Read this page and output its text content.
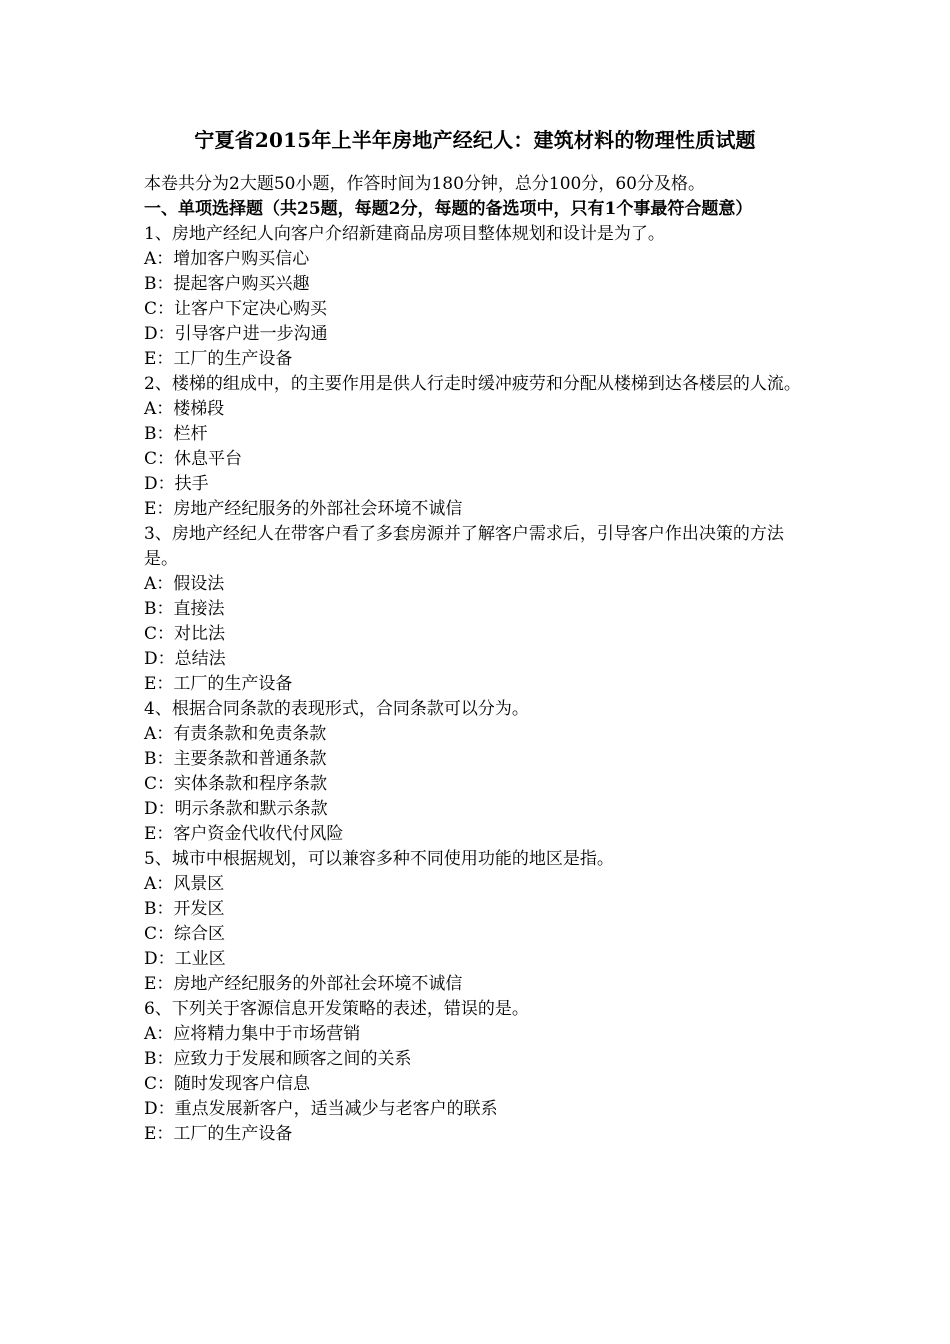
宁夏省2015年上半年房地产经纪人：建筑材料的物理性质试题

本卷共分为2大题50小题，作答时间为180分钟，总分100分，60分及格。

一、单项选择题（共25题，每题2分，每题的备选项中，只有1个事最符合题意）

1、房地产经纪人向客户介绍新建商品房项目整体规划和设计是为了。

A：增加客户购买信心

B：提起客户购买兴趣

C：让客户下定决心购买

D：引导客户进一步沟通

E：工厂的生产设备

2、楼梯的组成中，的主要作用是供人行走时缓冲疲劳和分配从楼梯到达各楼层的人流。

A：楼梯段

B：栏杆

C：休息平台

D：扶手

E：房地产经纪服务的外部社会环境不诚信

3、房地产经纪人在带客户看了多套房源并了解客户需求后，引导客户作出决策的方法是。

A：假设法

B：直接法

C：对比法

D：总结法

E：工厂的生产设备

4、根据合同条款的表现形式，合同条款可以分为。

A：有责条款和免责条款

B：主要条款和普通条款

C：实体条款和程序条款

D：明示条款和默示条款

E：客户资金代收代付风险

5、城市中根据规划，可以兼容多种不同使用功能的地区是指。

A：风景区

B：开发区

C：综合区

D：工业区

E：房地产经纪服务的外部社会环境不诚信

6、下列关于客源信息开发策略的表述，错误的是。

A：应将精力集中于市场营销

B：应致力于发展和顾客之间的关系

C：随时发现客户信息

D：重点发展新客户，适当减少与老客户的联系

E：工厂的生产设备
